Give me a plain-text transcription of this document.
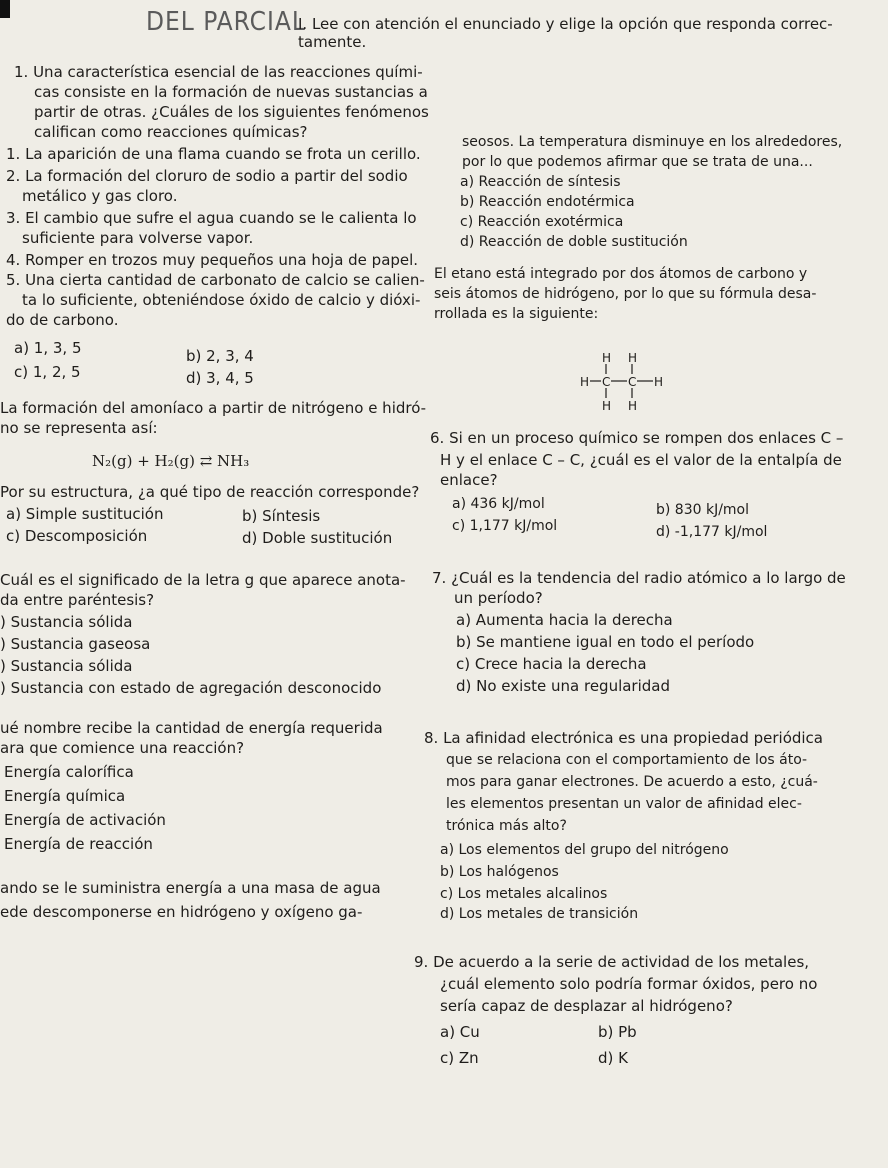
DEL PARCIAL
I. Lee con atención el enunciado y elige la opción que responda correc-
tamente.
1. Una característica esencial de las reacciones quími-
cas consiste en la formación de nuevas sustancias a
partir de otras. ¿Cuáles de los siguientes fenómenos
califican como reacciones químicas?
1. La aparición de una flama cuando se frota un cerillo.
2. La formación del cloruro de sodio a partir del sodio
metálico y gas cloro.
3. El cambio que sufre el agua cuando se le calienta lo
suficiente para volverse vapor.
4. Romper en trozos muy pequeños una hoja de papel.
5. Una cierta cantidad de carbonato de calcio se calien-
ta lo suficiente, obteniéndose óxido de calcio y dióxi-
do de carbono.
a) 1, 3, 5	b) 2, 3, 4
c) 1, 2, 5	d) 3, 4, 5
La formación del amoníaco a partir de nitrógeno e hidró-
no se representa así:
N₂(g) + H₂(g) ⇄ NH₃
Por su estructura, ¿a qué tipo de reacción corresponde?
a) Simple sustitución	b) Síntesis
c) Descomposición	d) Doble sustitución
Cuál es el significado de la letra g que aparece anota-
da entre paréntesis?
) Sustancia sólida
) Sustancia gaseosa
) Sustancia sólida
) Sustancia con estado de agregación desconocido
ué nombre recibe la cantidad de energía requerida
ara que comience una reacción?
Energía calorífica
Energía química
Energía de activación
Energía de reacción
ando se le suministra energía a una masa de agua
ede descomponerse en hidrógeno y oxígeno ga-
seosos. La temperatura disminuye en los alrededores,
por lo que podemos afirmar que se trata de una...
a) Reacción de síntesis
b) Reacción endotérmica
c) Reacción exotérmica
d) Reacción de doble sustitución
El etano está integrado por dos átomos de carbono y
seis átomos de hidrógeno, por lo que su fórmula desa-
rrollada es la siguiente:
H H
H C C H
H H
6. Si en un proceso químico se rompen dos enlaces C –
H y el enlace C – C, ¿cuál es el valor de la entalpía de
enlace?
a) 436 kJ/mol	b) 830 kJ/mol
c) 1,177 kJ/mol	d) -1,177 kJ/mol
7. ¿Cuál es la tendencia del radio atómico a lo largo de
un período?
a) Aumenta hacia la derecha
b) Se mantiene igual en todo el período
c) Crece hacia la derecha
d) No existe una regularidad
8. La afinidad electrónica es una propiedad periódica
que se relaciona con el comportamiento de los áto-
mos para ganar electrones. De acuerdo a esto, ¿cuá-
les elementos presentan un valor de afinidad elec-
trónica más alto?
a) Los elementos del grupo del nitrógeno
b) Los halógenos
c) Los metales alcalinos
d) Los metales de transición
9. De acuerdo a la serie de actividad de los metales,
¿cuál elemento solo podría formar óxidos, pero no
sería capaz de desplazar al hidrógeno?
a) Cu	b) Pb
c) Zn	d) K
